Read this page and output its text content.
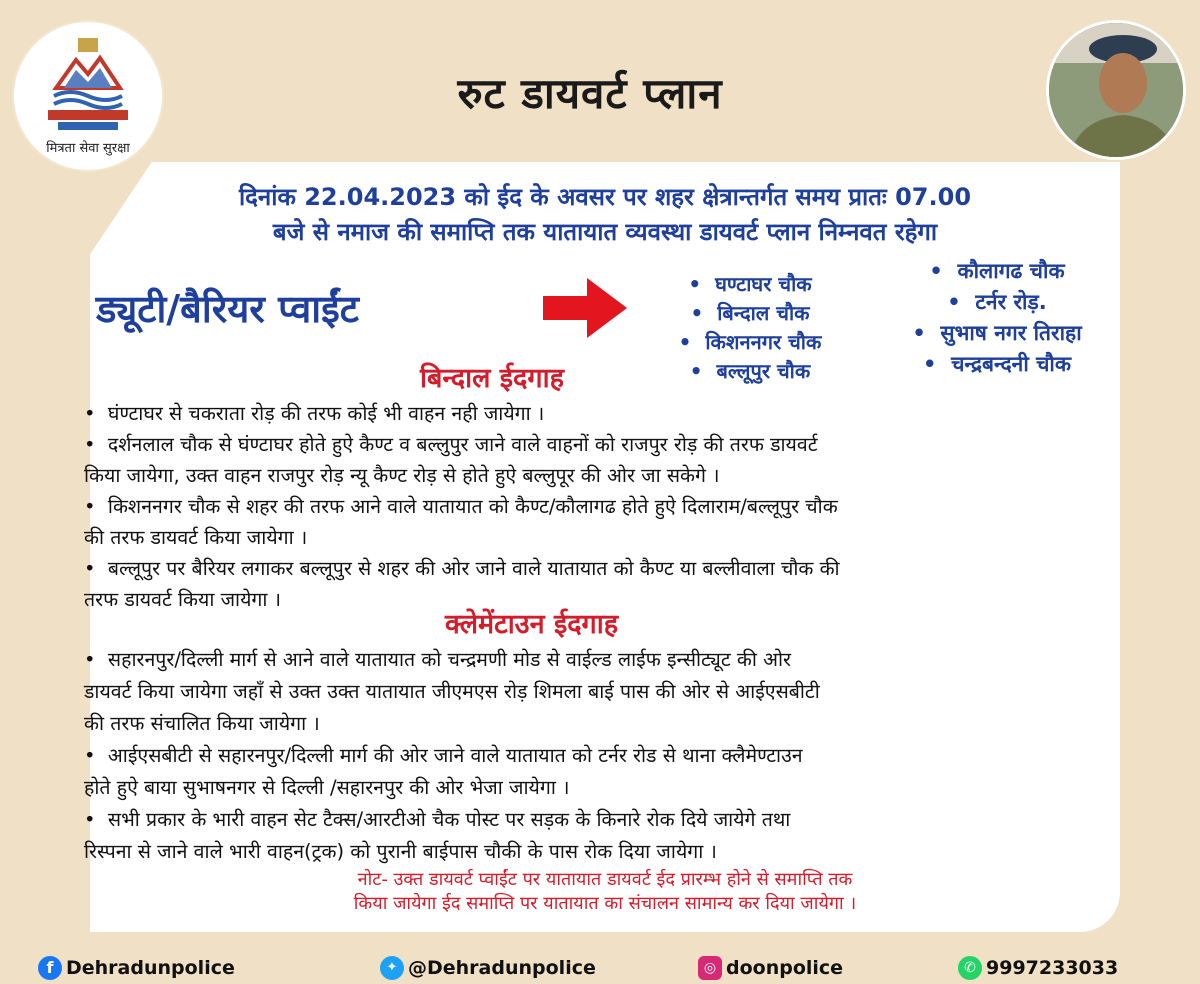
मित्रता सेवा सुरक्षा
रुट डायवर्ट प्लान
दिनांक 22.04.2023 को ईद के अवसर पर शहर क्षेत्रान्तर्गत समय प्रातः 07.00
बजे से नमाज की समाप्ति तक यातायात व्यवस्था डायवर्ट प्लान निम्नवत रहेगा
ड्यूटी/बैरियर प्वाईंट
•  घण्टाघर चौक
•  बिन्दाल चौक
•  किशननगर चौक
•  बल्लूपुर चौक
•  कौलागढ चौक
•  टर्नर रोड़.
•  सुभाष नगर तिराहा
•  चन्द्रबन्दनी चौक
बिन्दाल ईदगाह
•  घंण्टाघर से चकराता रोड़ की तरफ कोई भी वाहन नही जायेगा ।
•  दर्शनलाल चौक से घंण्टाघर होते हुऐ कैण्ट व बल्लुपुर जाने वाले वाहनों को राजपुर रोड़ की तरफ डायवर्ट
किया जायेगा, उक्त वाहन राजपुर रोड़ न्यू कैण्ट रोड़ से होते हुऐ बल्लुपूर की ओर जा सकेगे ।
•  किशननगर चौक से शहर की तरफ आने वाले यातायात को कैण्ट/कौलागढ होते हुऐ दिलाराम/बल्लूपुर चौक
की तरफ डायवर्ट किया जायेगा ।
•  बल्लूपुर पर बैरियर लगाकर बल्लूपुर से शहर की ओर जाने वाले यातायात को कैण्ट या बल्लीवाला चौक की
तरफ डायवर्ट किया जायेगा ।
क्लेमेंटाउन ईदगाह
•  सहारनपुर/दिल्ली मार्ग से आने वाले यातायात को चन्द्रमणी मोड से वाईल्ड लाईफ इन्सीट्यूट की ओर
डायवर्ट किया जायेगा जहाँ से उक्त उक्त यातायात जीएमएस रोड़ शिमला बाई पास की ओर से आईएसबीटी
की तरफ संचालित किया जायेगा ।
•  आईएसबीटी से सहारनपुर/दिल्ली मार्ग की ओर जाने वाले यातायात को टर्नर रोड से थाना क्लैमेण्टाउन
होते हुऐ बाया सुभाषनगर से दिल्ली /सहारनपुर की ओर भेजा जायेगा ।
•  सभी प्रकार के भारी वाहन सेट टैक्स/आरटीओ चैक पोस्ट पर सड़क के किनारे रोक दिये जायेगे तथा
रिस्पना से जाने वाले भारी वाहन(ट्रक) को पुरानी बाईपास चौकी के पास रोक दिया जायेगा ।
नोट- उक्त डायवर्ट प्वाईंट पर यातायात डायवर्ट ईद प्रारम्भ होने से समाप्ति तक
किया जायेगा ईद समाप्ति पर यातायात का संचालन सामान्य कर दिया जायेगा ।
f Dehradunpolice	✦ @Dehradunpolice	◎ doonpolice	✆ 9997233033
